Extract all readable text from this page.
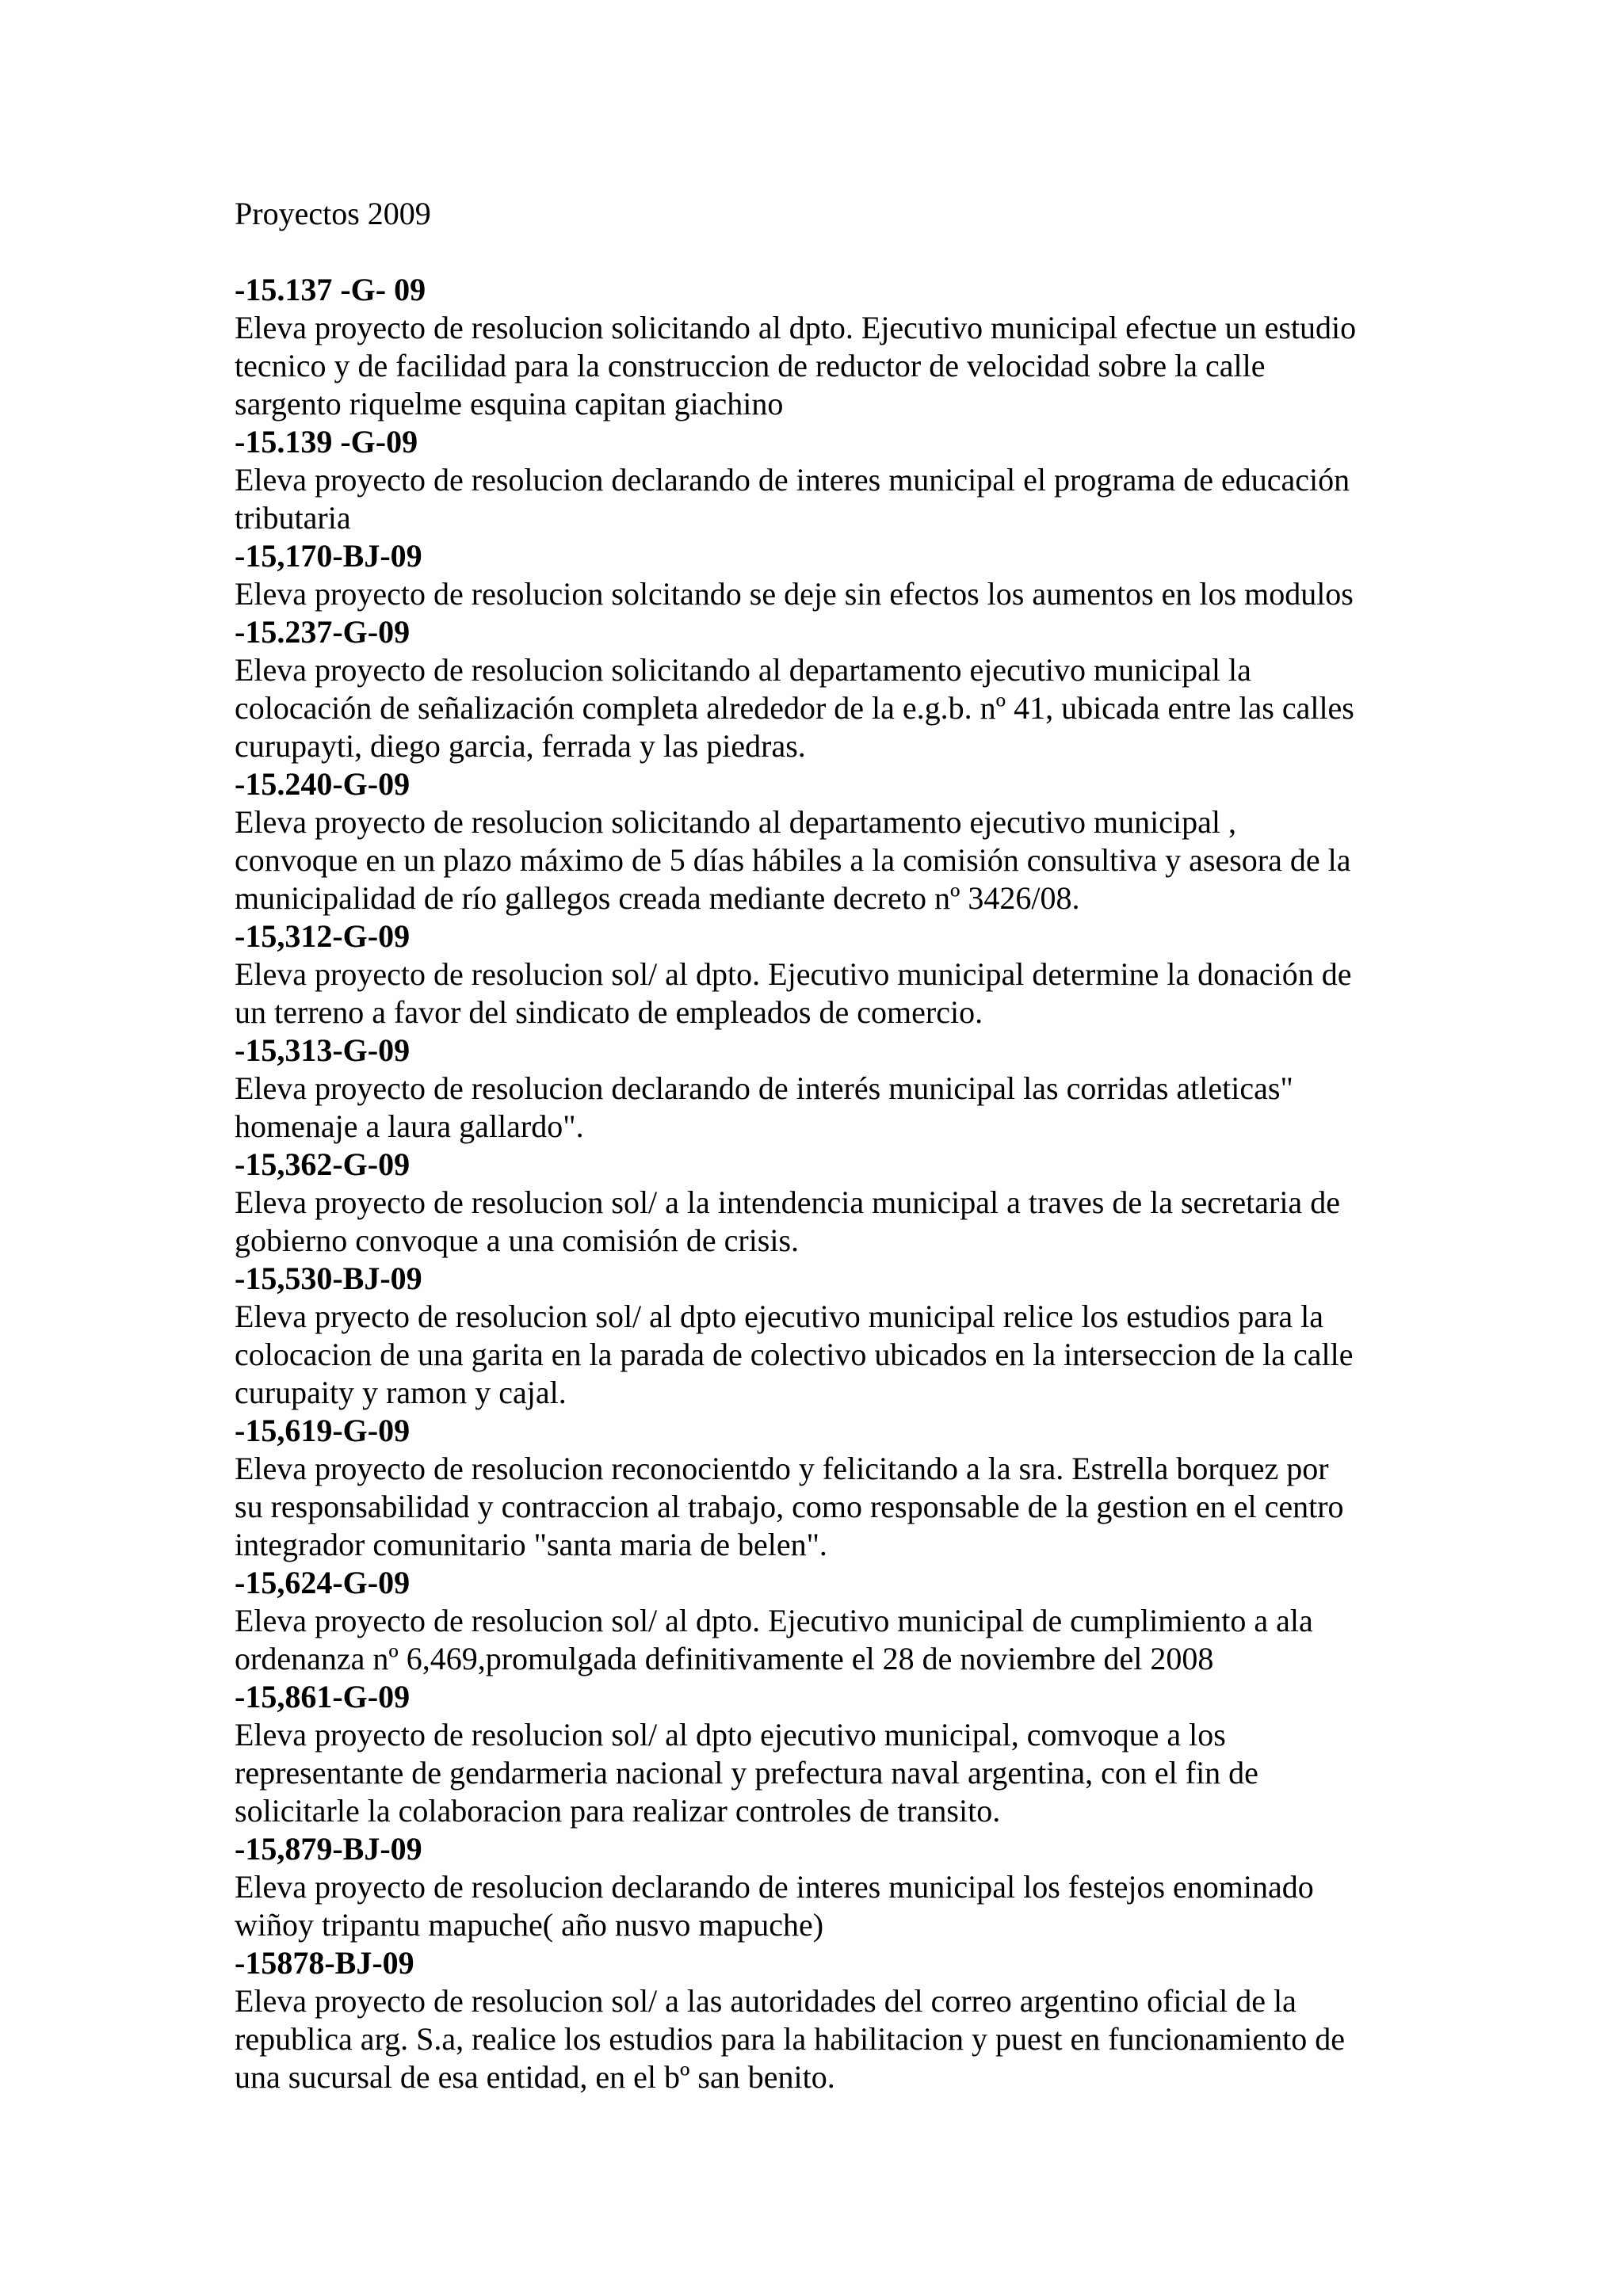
Proyectos 2009

-15.137 -G- 09

Eleva proyecto de resolucion solicitando al dpto. Ejecutivo municipal efectue un estudio

tecnico y de facilidad para la construccion de reductor de velocidad sobre la calle

sargento riquelme esquina capitan giachino

-15.139 -G-09

Eleva proyecto de resolucion declarando de interes municipal el programa de educación

tributaria

-15,170-BJ-09

Eleva proyecto de resolucion solcitando se deje sin efectos los aumentos en los modulos

-15.237-G-09

Eleva proyecto de resolucion solicitando al departamento ejecutivo municipal la

colocación de señalización completa alrededor de la e.g.b. nº 41, ubicada entre las calles

curupayti, diego garcia, ferrada y las piedras.

-15.240-G-09

Eleva proyecto de resolucion solicitando al departamento ejecutivo municipal ,

convoque en un plazo máximo de 5 días hábiles a la comisión consultiva y asesora de la

municipalidad de río gallegos creada mediante decreto nº 3426/08.

-15,312-G-09

Eleva proyecto de resolucion sol/ al dpto. Ejecutivo municipal determine la donación de

un terreno a favor del sindicato de empleados de comercio.

-15,313-G-09

Eleva proyecto de resolucion declarando de interés municipal las corridas atleticas"

homenaje a laura gallardo".

-15,362-G-09

Eleva proyecto de resolucion sol/ a la intendencia municipal a traves de la secretaria de

gobierno convoque a una comisión de crisis.

-15,530-BJ-09

Eleva pryecto de resolucion sol/ al dpto ejecutivo municipal relice los estudios para la

colocacion de una garita en la parada de colectivo ubicados en la interseccion de la calle

curupaity y ramon y cajal.

-15,619-G-09

Eleva proyecto de resolucion reconocientdo y felicitando a la sra. Estrella borquez por

su responsabilidad y contraccion al trabajo, como responsable de la gestion en el centro

integrador comunitario "santa maria de belen".

-15,624-G-09

Eleva proyecto de resolucion sol/ al dpto. Ejecutivo municipal de cumplimiento a ala

ordenanza nº 6,469,promulgada definitivamente el 28 de noviembre del 2008

-15,861-G-09

Eleva proyecto de resolucion sol/ al dpto ejecutivo municipal, comvoque a los

representante de gendarmeria nacional y prefectura naval argentina, con el fin de

solicitarle la colaboracion para realizar controles de transito.

-15,879-BJ-09

Eleva proyecto de resolucion declarando de interes municipal los festejos enominado

wiñoy tripantu mapuche( año nusvo mapuche)

-15878-BJ-09

Eleva proyecto de resolucion sol/ a las autoridades del correo argentino oficial de la

republica arg. S.a, realice los estudios para la habilitacion y puest en funcionamiento de

una sucursal de esa entidad, en el bº san benito.
